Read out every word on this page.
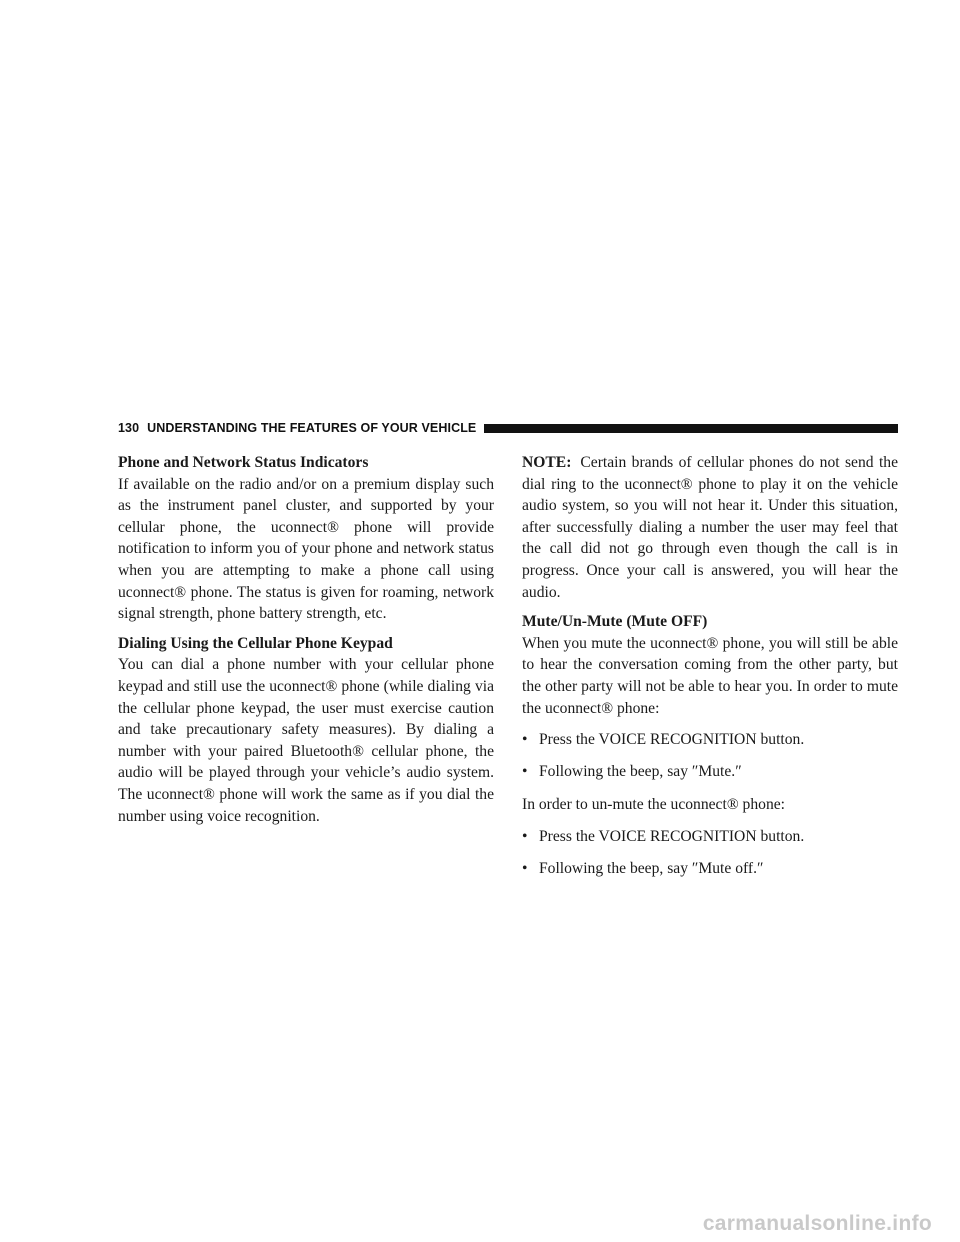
130 UNDERSTANDING THE FEATURES OF YOUR VEHICLE

Phone and Network Status Indicators

If available on the radio and/or on a premium display such as the instrument panel cluster, and supported by your cellular phone, the uconnect® phone will provide notification to inform you of your phone and network status when you are attempting to make a phone call using uconnect® phone. The status is given for roaming, network signal strength, phone battery strength, etc.

Dialing Using the Cellular Phone Keypad

You can dial a phone number with your cellular phone keypad and still use the uconnect® phone (while dialing via the cellular phone keypad, the user must exercise caution and take precautionary safety measures). By dialing a number with your paired Bluetooth® cellular phone, the audio will be played through your vehicle’s audio system. The uconnect® phone will work the same as if you dial the number using voice recognition.

NOTE: Certain brands of cellular phones do not send the dial ring to the uconnect® phone to play it on the vehicle audio system, so you will not hear it. Under this situation, after successfully dialing a number the user may feel that the call did not go through even though the call is in progress. Once your call is answered, you will hear the audio.

Mute/Un-Mute (Mute OFF)

When you mute the uconnect® phone, you will still be able to hear the conversation coming from the other party, but the other party will not be able to hear you. In order to mute the uconnect® phone:

• Press the VOICE RECOGNITION button.
• Following the beep, say ″Mute.″

In order to un-mute the uconnect® phone:

• Press the VOICE RECOGNITION button.
• Following the beep, say ″Mute off.″
carmanualsonline.info
